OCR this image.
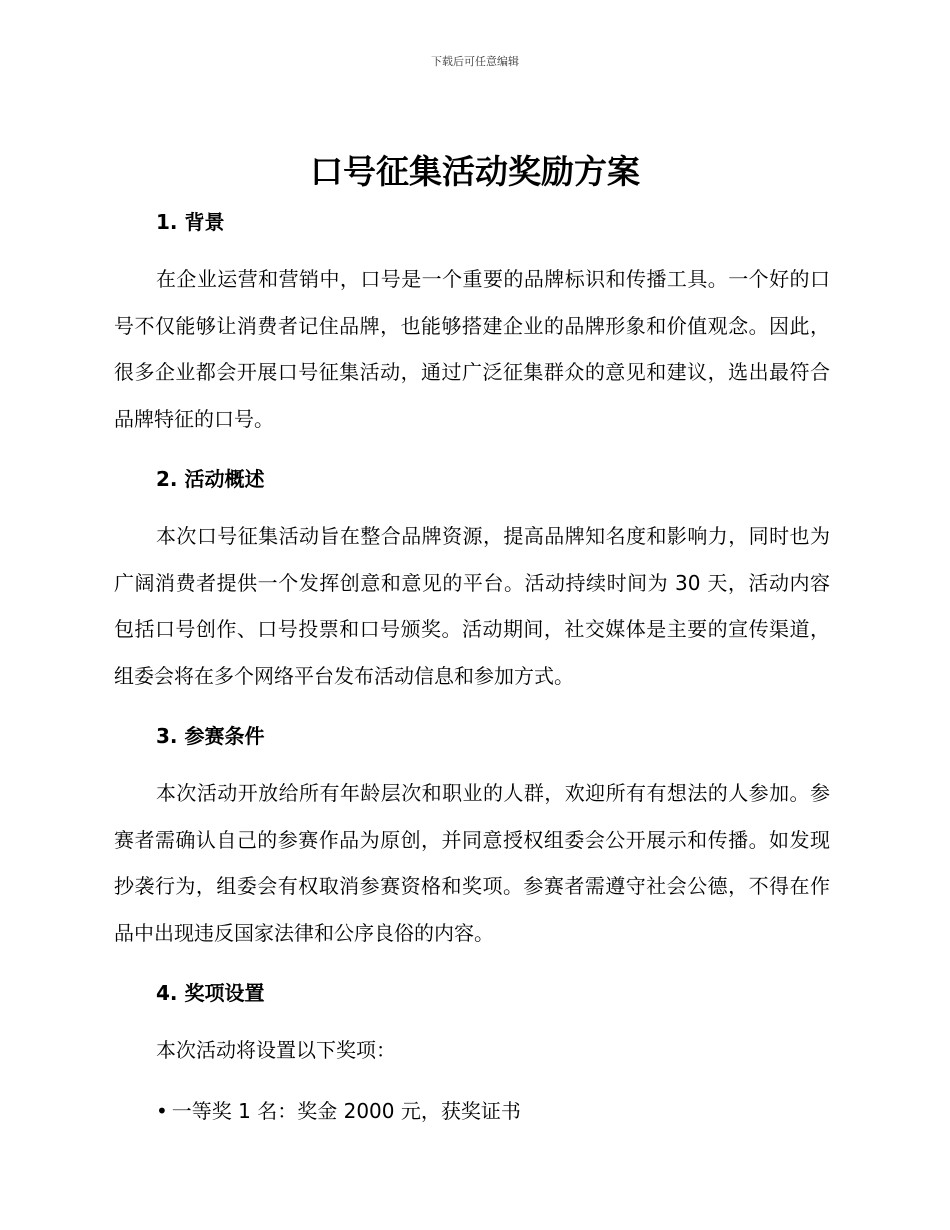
下载后可任意编辑
口号征集活动奖励方案

1. 背景

在企业运营和营销中，口号是一个重要的品牌标识和传播工具。一个好的口号不仅能够让消费者记住品牌，也能够搭建企业的品牌形象和价值观念。因此，很多企业都会开展口号征集活动，通过广泛征集群众的意见和建议，选出最符合品牌特征的口号。

2. 活动概述

本次口号征集活动旨在整合品牌资源，提高品牌知名度和影响力，同时也为广阔消费者提供一个发挥创意和意见的平台。活动持续时间为 30 天，活动内容包括口号创作、口号投票和口号颁奖。活动期间，社交媒体是主要的宣传渠道，组委会将在多个网络平台发布活动信息和参加方式。

3. 参赛条件

本次活动开放给所有年龄层次和职业的人群，欢迎所有有想法的人参加。参赛者需确认自己的参赛作品为原创，并同意授权组委会公开展示和传播。如发现抄袭行为，组委会有权取消参赛资格和奖项。参赛者需遵守社会公德，不得在作品中出现违反国家法律和公序良俗的内容。

4. 奖项设置

本次活动将设置以下奖项：

• 一等奖 1 名：奖金 2000 元，获奖证书
